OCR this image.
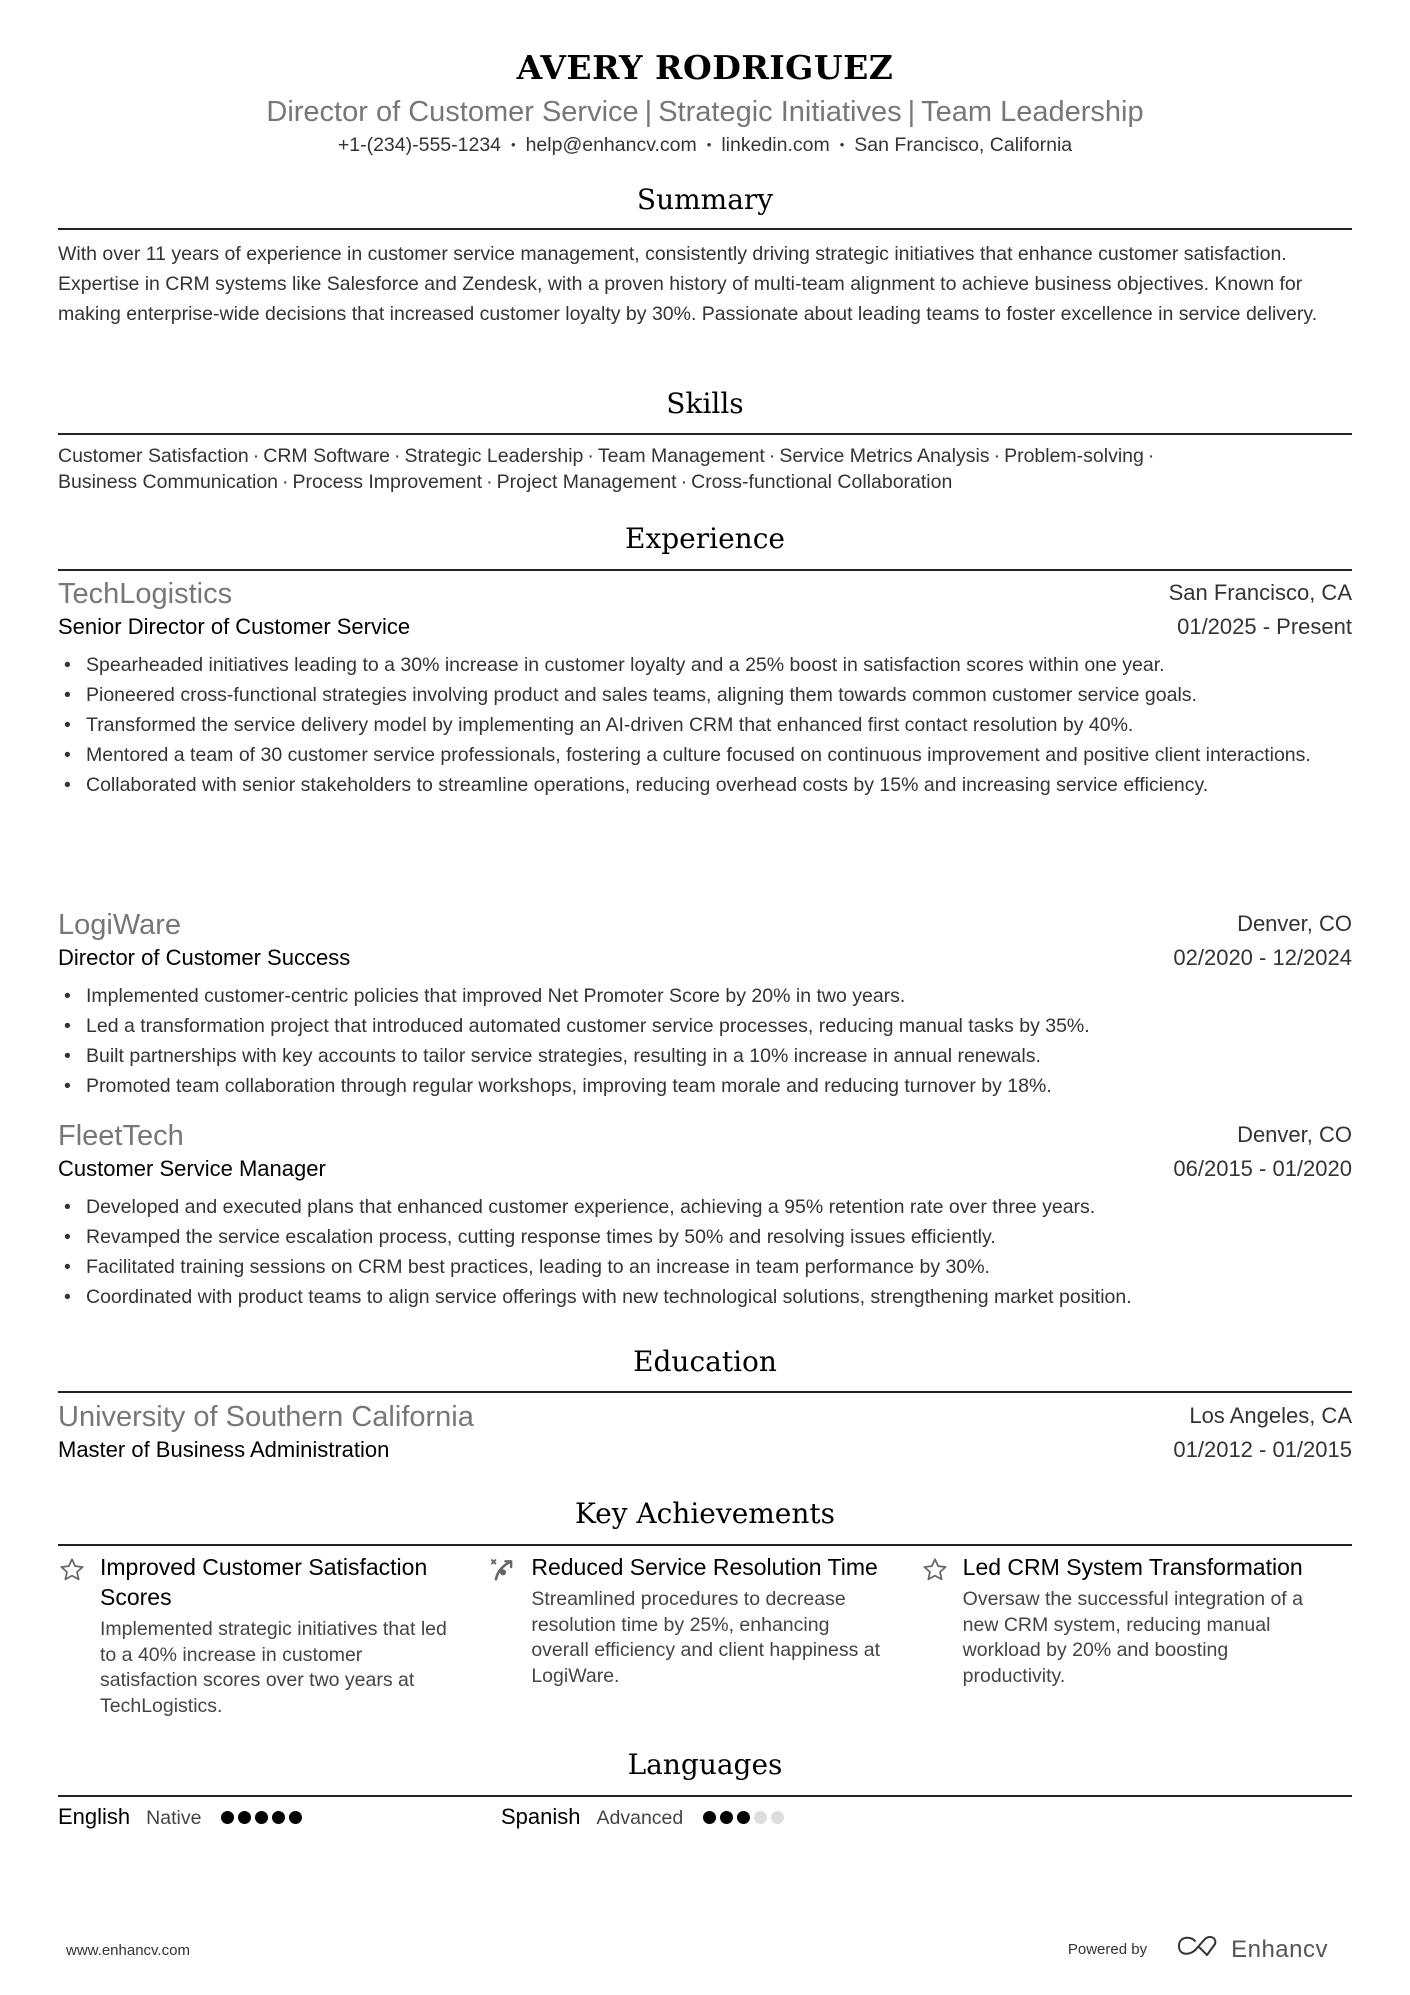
AVERY RODRIGUEZ
Director of Customer Service | Strategic Initiatives | Team Leadership
+1-(234)-555-1234 • help@enhancv.com • linkedin.com • San Francisco, California
Summary
With over 11 years of experience in customer service management, consistently driving strategic initiatives that enhance customer satisfaction. Expertise in CRM systems like Salesforce and Zendesk, with a proven history of multi-team alignment to achieve business objectives. Known for making enterprise-wide decisions that increased customer loyalty by 30%. Passionate about leading teams to foster excellence in service delivery.
Skills
Customer Satisfaction · CRM Software · Strategic Leadership · Team Management · Service Metrics Analysis · Problem-solving ·
Business Communication · Process Improvement · Project Management · Cross-functional Collaboration
Experience
TechLogistics	San Francisco, CA
Senior Director of Customer Service	01/2025 - Present
• Spearheaded initiatives leading to a 30% increase in customer loyalty and a 25% boost in satisfaction scores within one year.
• Pioneered cross-functional strategies involving product and sales teams, aligning them towards common customer service goals.
• Transformed the service delivery model by implementing an AI-driven CRM that enhanced first contact resolution by 40%.
• Mentored a team of 30 customer service professionals, fostering a culture focused on continuous improvement and positive client interactions.
• Collaborated with senior stakeholders to streamline operations, reducing overhead costs by 15% and increasing service efficiency.
LogiWare	Denver, CO
Director of Customer Success	02/2020 - 12/2024
• Implemented customer-centric policies that improved Net Promoter Score by 20% in two years.
• Led a transformation project that introduced automated customer service processes, reducing manual tasks by 35%.
• Built partnerships with key accounts to tailor service strategies, resulting in a 10% increase in annual renewals.
• Promoted team collaboration through regular workshops, improving team morale and reducing turnover by 18%.
FleetTech	Denver, CO
Customer Service Manager	06/2015 - 01/2020
• Developed and executed plans that enhanced customer experience, achieving a 95% retention rate over three years.
• Revamped the service escalation process, cutting response times by 50% and resolving issues efficiently.
• Facilitated training sessions on CRM best practices, leading to an increase in team performance by 30%.
• Coordinated with product teams to align service offerings with new technological solutions, strengthening market position.
Education
University of Southern California	Los Angeles, CA
Master of Business Administration	01/2012 - 01/2015
Key Achievements
Improved Customer Satisfaction Scores
Implemented strategic initiatives that led to a 40% increase in customer satisfaction scores over two years at TechLogistics.
Reduced Service Resolution Time
Streamlined procedures to decrease resolution time by 25%, enhancing overall efficiency and client happiness at LogiWare.
Led CRM System Transformation
Oversaw the successful integration of a new CRM system, reducing manual workload by 20% and boosting productivity.
Languages
English Native	Spanish Advanced
www.enhancv.com	Powered by	Enhancv
